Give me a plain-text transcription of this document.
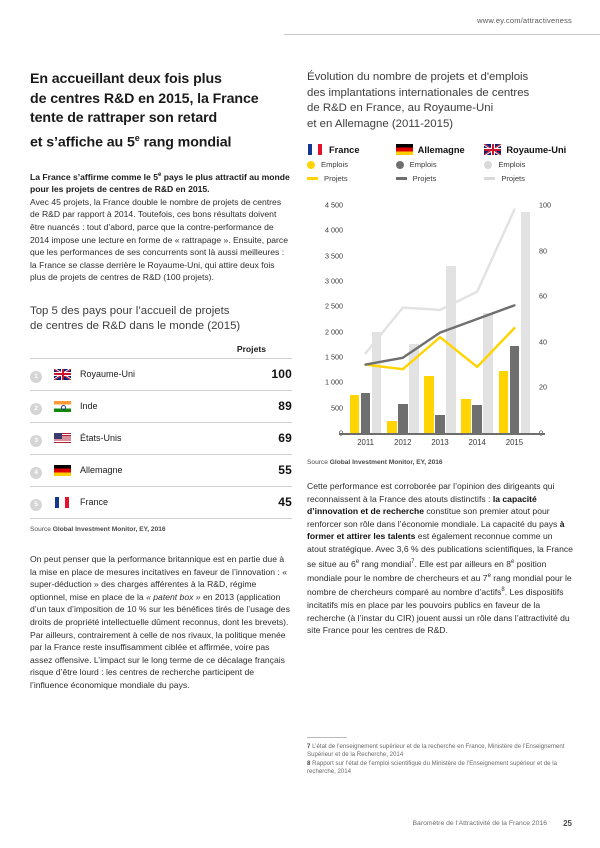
www.ey.com/attractiveness
En accueillant deux fois plus
de centres R&D en 2015, la France
tente de rattraper son retard
et s’affiche au 5e rang mondial

La France s’affirme comme le 5e pays le plus attractif au monde pour les projets de centres de R&D en 2015.

Avec 45 projets, la France double le nombre de projets de centres de R&D par rapport à 2014. Toutefois, ces bons résultats doivent être nuancés : tout d’abord, parce que la contre-performance de 2014 impose une lecture en forme de « rattrapage ». Ensuite, parce que les performances de ses concurrents sont là aussi meilleures : la France se classe derrière le Royaume-Uni, qui attire deux fois plus de projets de centres de R&D (100 projets).

Top 5 des pays pour l’accueil de projets
de centres de R&D dans le monde (2015)
			Projets
1		Royaume-Uni	100
2		Inde	89
3		États-Unis	69
4		Allemagne	55
5		France	45
Source Global Investment Monitor, EY, 2016

On peut penser que la performance britannique est en partie due à la mise en place de mesures incitatives en faveur de l’innovation : « super-déduction » des charges afférentes à la R&D, régime optionnel, mise en place de la « patent box » en 2013 (application d’un taux d’imposition de 10 % sur les bénéfices tirés de l’usage des droits de propriété intellectuelle dûment reconnus, dont les brevets). Par ailleurs, contrairement à celle de nos rivaux, la politique menée par la France reste insuffisamment ciblée et affirmée, voire pas assez offensive. L’impact sur le long terme de ce décalage français risque d’être lourd : les centres de recherche participent de l’influence économique mondiale du pays.

Évolution du nombre de projets et d'emplois
des implantations internationales de centres
de R&D en France, au Royaume-Uni
et en Allemagne (2011-2015)
France
Emplois
Projets
Allemagne
Emplois
Projets
Royaume-Uni
Emplois
Projets
500
1 000
1 500
2 000
2 500
3 000
3 500
4 000
4 500
20
40
60
80
100
2011	2012	2013	2014	2015
Source Global Investment Monitor, EY, 2016

Cette performance est corroborée par l’opinion des dirigeants qui reconnaissent à la France des atouts distinctifs : la capacité d’innovation et de recherche constitue son premier atout pour renforcer son rôle dans l’économie mondiale. La capacité du pays à former et attirer les talents est également reconnue comme un atout stratégique. Avec 3,6 % des publications scientifiques, la France se situe au 6e rang mondial$^7$. Elle est par ailleurs en 8e position mondiale pour le nombre de chercheurs et au 7e rang mondial pour le nombre de chercheurs comparé au nombre d’actifs$^8$. Les dispositifs incitatifs mis en place par les pouvoirs publics en faveur de la recherche (à l’instar du CIR) jouent aussi un rôle dans l’attractivité du site France pour les centres de R&D.

7 L’état de l’enseignement supérieur et de la recherche en France, Ministère de l’Enseignement Supérieur et de la Recherche, 2014
8 Rapport sur l’état de l’emploi scientifique du Ministère de l’Enseignement supérieur et de la recherche, 2014
Baromètre de l’Attractivité de la France 2016 25
